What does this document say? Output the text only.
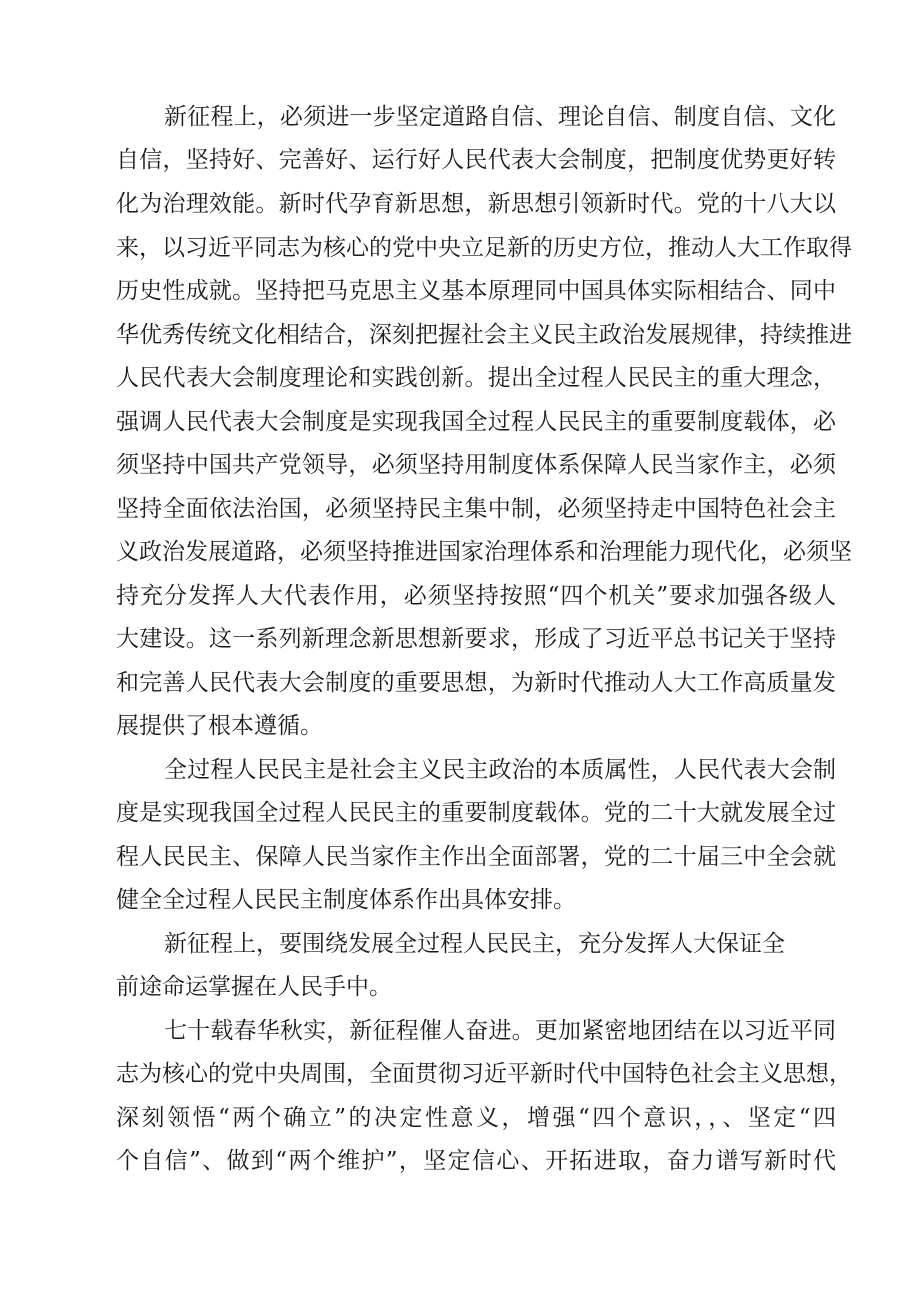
新征程上，必须进一步坚定道路自信、理论自信、制度自信、文化
自信，坚持好、完善好、运行好人民代表大会制度，把制度优势更好转
化为治理效能。新时代孕育新思想，新思想引领新时代。党的十八大以
来，以习近平同志为核心的党中央立足新的历史方位，推动人大工作取得
历史性成就。坚持把马克思主义基本原理同中国具体实际相结合、同中
华优秀传统文化相结合，深刻把握社会主义民主政治发展规律，持续推进
人民代表大会制度理论和实践创新。提出全过程人民民主的重大理念，
强调人民代表大会制度是实现我国全过程人民民主的重要制度载体，必
须坚持中国共产党领导，必须坚持用制度体系保障人民当家作主，必须
坚持全面依法治国，必须坚持民主集中制，必须坚持走中国特色社会主
义政治发展道路，必须坚持推进国家治理体系和治理能力现代化，必须坚
持充分发挥人大代表作用，必须坚持按照“四个机关”要求加强各级人
大建设。这一系列新理念新思想新要求，形成了习近平总书记关于坚持
和完善人民代表大会制度的重要思想，为新时代推动人大工作高质量发
展提供了根本遵循。
全过程人民民主是社会主义民主政治的本质属性，人民代表大会制
度是实现我国全过程人民民主的重要制度载体。党的二十大就发展全过
程人民民主、保障人民当家作主作出全面部署，党的二十届三中全会就
健全全过程人民民主制度体系作出具体安排。
新征程上，要围绕发展全过程人民民主，充分发挥人大保证全
前途命运掌握在人民手中。
七十载春华秋实，新征程催人奋进。更加紧密地团结在以习近平同
志为核心的党中央周围，全面贯彻习近平新时代中国特色社会主义思想，
深刻领悟“两个确立”的决定性意义，增强“四个意识，，、坚定“四
个自信”、做到“两个维护”，坚定信心、开拓进取，奋力谱写新时代
